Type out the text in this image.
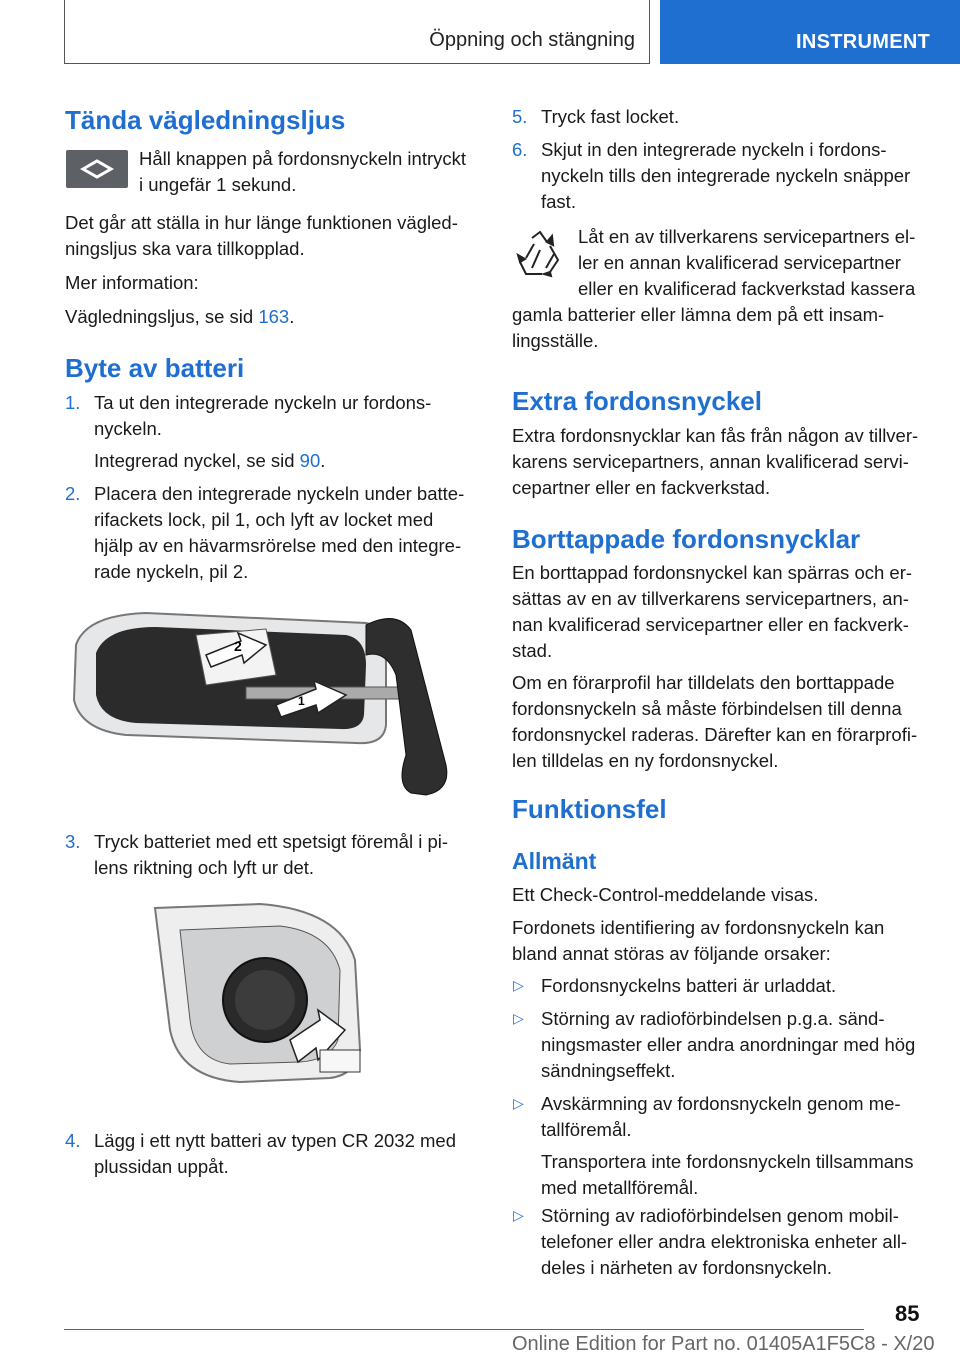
Öppning och stängning	INSTRUMENT
Tända vägledningsljus
Håll knappen på fordonsnyckeln intryckt
i ungefär 1 sekund.
Det går att ställa in hur länge funktionen vägled-
ningsljus ska vara tillkopplad.
Mer information:
Vägledningsljus, se sid 163.
Byte av batteri
1. Ta ut den integrerade nyckeln ur fordons-
nyckeln.
Integrerad nyckel, se sid 90.
2. Placera den integrerade nyckeln under batte-
rifackets lock, pil 1, och lyft av locket med
hjälp av en hävarmsrörelse med den integre-
rade nyckeln, pil 2.
2
1
3. Tryck batteriet med ett spetsigt föremål i pi-
lens riktning och lyft ur det.
4. Lägg i ett nytt batteri av typen CR 2032 med
plussidan uppåt.
5. Tryck fast locket.
6. Skjut in den integrerade nyckeln i fordons-
nyckeln tills den integrerade nyckeln snäpper
fast.
Låt en av tillverkarens servicepartners el-
ler en annan kvalificerad servicepartner
eller en kvalificerad fackverkstad kassera
gamla batterier eller lämna dem på ett insam-
lingsställe.
Extra fordonsnyckel
Extra fordonsnycklar kan fås från någon av tillver-
karens servicepartners, annan kvalificerad servi-
cepartner eller en fackverkstad.
Borttappade fordonsnycklar
En borttappad fordonsnyckel kan spärras och er-
sättas av en av tillverkarens servicepartners, an-
nan kvalificerad servicepartner eller en fackverk-
stad.
Om en förarprofil har tilldelats den borttappade
fordonsnyckeln så måste förbindelsen till denna
fordonsnyckel raderas. Därefter kan en förarprofi-
len tilldelas en ny fordonsnyckel.
Funktionsfel
Allmänt
Ett Check-Control-meddelande visas.
Fordonets identifiering av fordonsnyckeln kan
bland annat störas av följande orsaker:
▷ Fordonsnyckelns batteri är urladdat.
▷ Störning av radioförbindelsen p.g.a. sänd-
ningsmaster eller andra anordningar med hög
sändningseffekt.
▷ Avskärmning av fordonsnyckeln genom me-
tallföremål.
Transportera inte fordonsnyckeln tillsammans
med metallföremål.
▷ Störning av radioförbindelsen genom mobil-
telefoner eller andra elektroniska enheter all-
deles i närheten av fordonsnyckeln.
85
Online Edition for Part no. 01405A1F5C8 - X/20
